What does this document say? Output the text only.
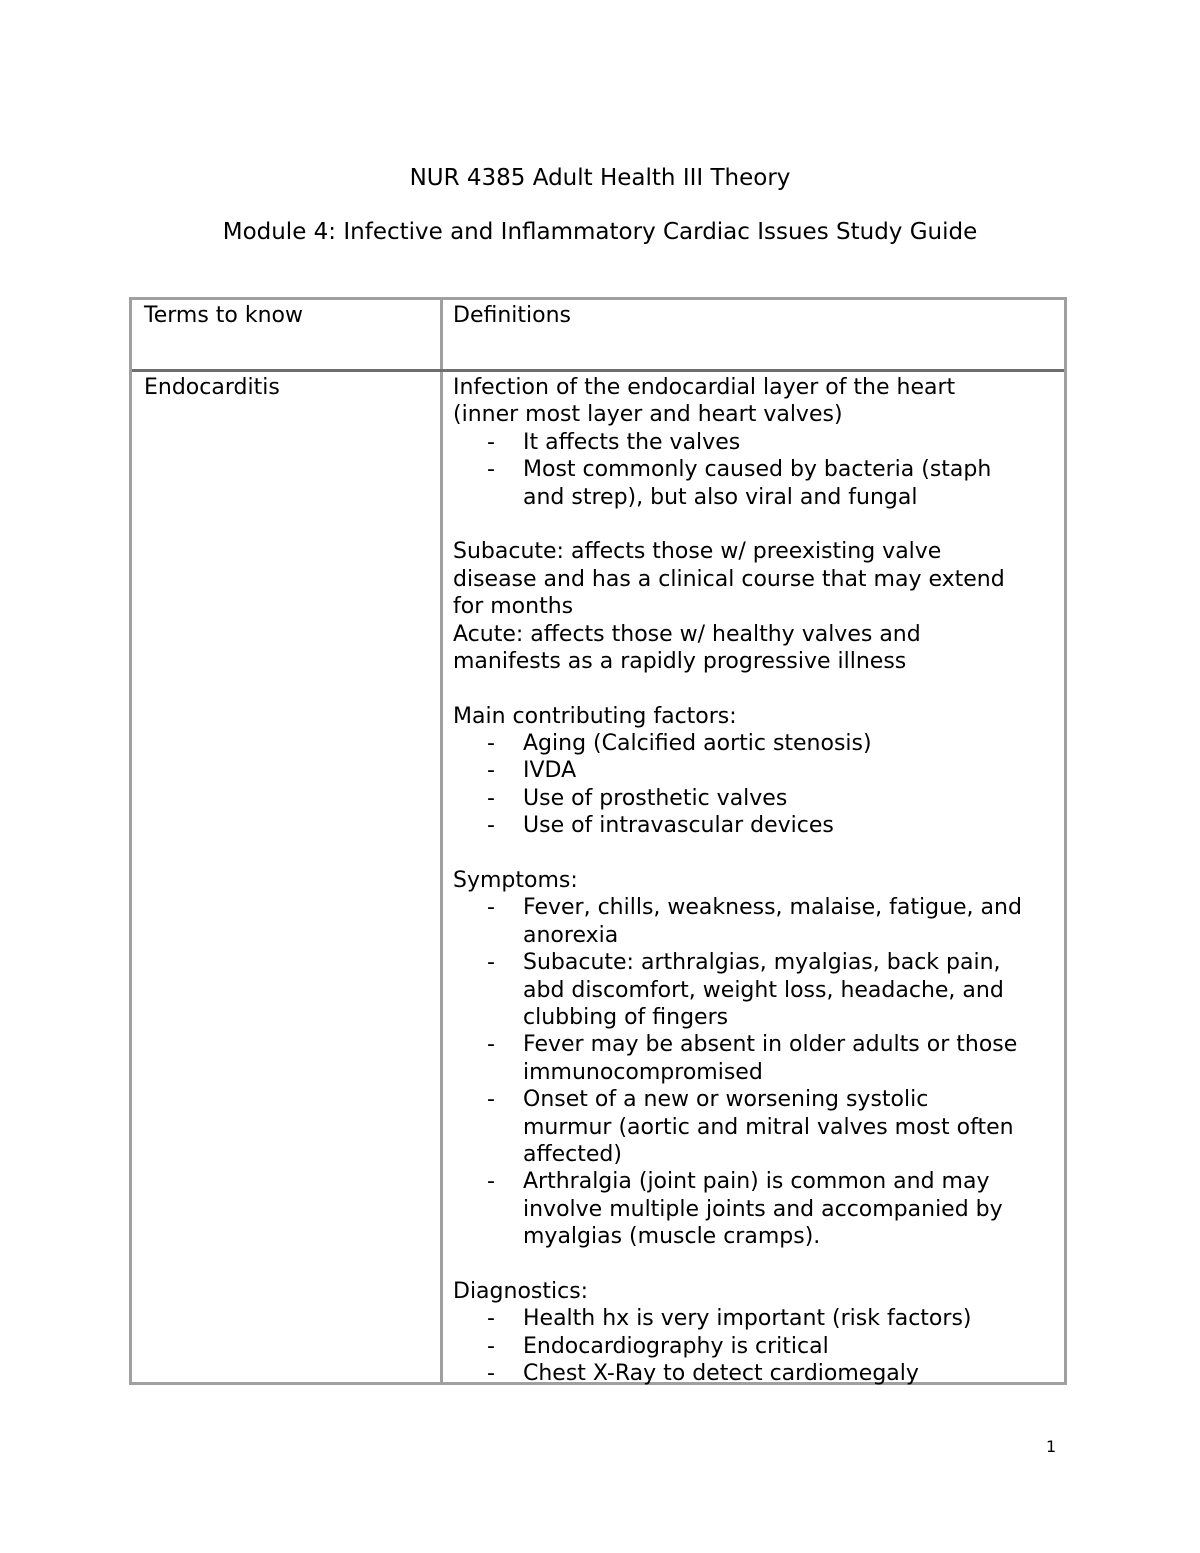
NUR 4385 Adult Health III Theory
Module 4: Infective and Inflammatory Cardiac Issues Study Guide
Terms to know	Definitions
Endocarditis	Infection of the endocardial layer of the heart
(inner most layer and heart valves)
- It affects the valves
- Most commonly caused by bacteria (staph
and strep), but also viral and fungal
Subacute: affects those w/ preexisting valve
disease and has a clinical course that may extend
for months
Acute: affects those w/ healthy valves and
manifests as a rapidly progressive illness
Main contributing factors:
- Aging (Calcified aortic stenosis)
- IVDA
- Use of prosthetic valves
- Use of intravascular devices
Symptoms:
- Fever, chills, weakness, malaise, fatigue, and
anorexia
- Subacute: arthralgias, myalgias, back pain,
abd discomfort, weight loss, headache, and
clubbing of fingers
- Fever may be absent in older adults or those
immunocompromised
- Onset of a new or worsening systolic
murmur (aortic and mitral valves most often
affected)
- Arthralgia (joint pain) is common and may
involve multiple joints and accompanied by
myalgias (muscle cramps).
Diagnostics:
- Health hx is very important (risk factors)
- Endocardiography is critical
- Chest X-Ray to detect cardiomegaly
1
